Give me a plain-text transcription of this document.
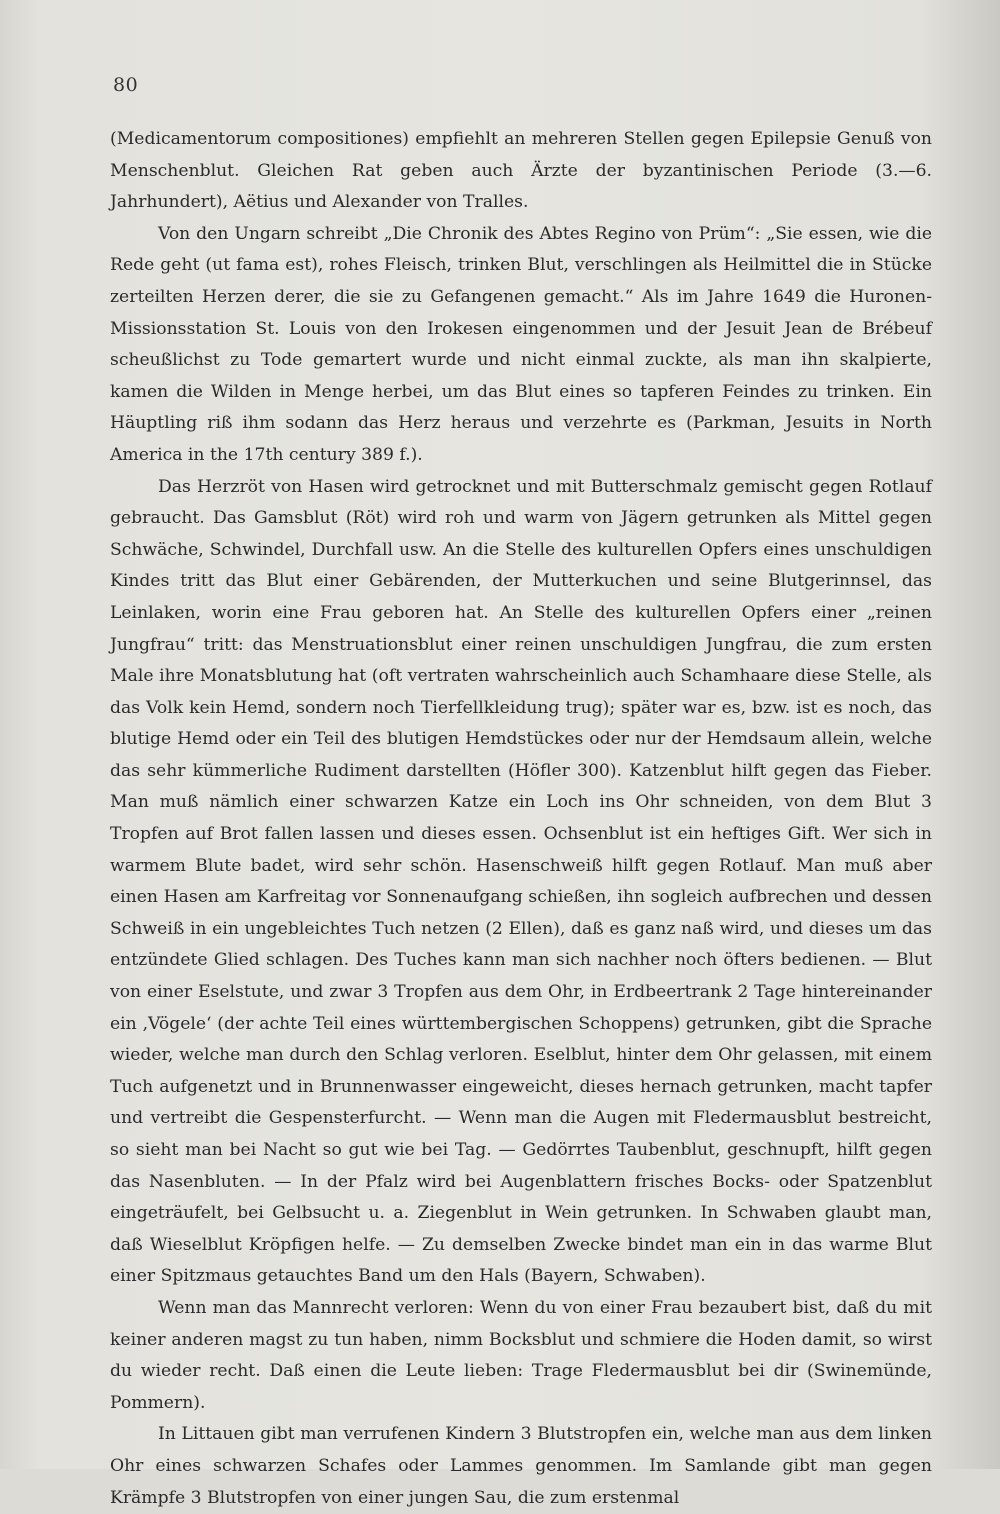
80

(Medicamentorum compositiones) empfiehlt an mehreren Stellen gegen Epilepsie Genuß von Menschenblut. Gleichen Rat geben auch Ärzte der byzantinischen Periode (3.—6. Jahrhundert), Aëtius und Alexander von Tralles.

Von den Ungarn schreibt „Die Chronik des Abtes Regino von Prüm“: „Sie essen, wie die Rede geht (ut fama est), rohes Fleisch, trinken Blut, verschlingen als Heilmittel die in Stücke zerteilten Herzen derer, die sie zu Gefangenen gemacht.“ Als im Jahre 1649 die Huronen-Missionsstation St. Louis von den Irokesen eingenommen und der Jesuit Jean de Brébeuf scheußlichst zu Tode gemartert wurde und nicht einmal zuckte, als man ihn skalpierte, kamen die Wilden in Menge herbei, um das Blut eines so tapferen Feindes zu trinken. Ein Häuptling riß ihm sodann das Herz heraus und verzehrte es (Parkman, Jesuits in North America in the 17th century 389 f.).

Das Herzröt von Hasen wird getrocknet und mit Butterschmalz gemischt gegen Rotlauf gebraucht. Das Gamsblut (Röt) wird roh und warm von Jägern getrunken als Mittel gegen Schwäche, Schwindel, Durchfall usw. An die Stelle des kulturellen Opfers eines unschuldigen Kindes tritt das Blut einer Gebärenden, der Mutterkuchen und seine Blutgerinnsel, das Leinlaken, worin eine Frau geboren hat. An Stelle des kulturellen Opfers einer „reinen Jungfrau“ tritt: das Menstruationsblut einer reinen unschuldigen Jungfrau, die zum ersten Male ihre Monatsblutung hat (oft vertraten wahrscheinlich auch Schamhaare diese Stelle, als das Volk kein Hemd, sondern noch Tierfellkleidung trug); später war es, bzw. ist es noch, das blutige Hemd oder ein Teil des blutigen Hemdstückes oder nur der Hemdsaum allein, welche das sehr kümmerliche Rudiment darstellten (Höfler 300). Katzenblut hilft gegen das Fieber. Man muß nämlich einer schwarzen Katze ein Loch ins Ohr schneiden, von dem Blut 3 Tropfen auf Brot fallen lassen und dieses essen. Ochsenblut ist ein heftiges Gift. Wer sich in warmem Blute badet, wird sehr schön. Hasenschweiß hilft gegen Rotlauf. Man muß aber einen Hasen am Karfreitag vor Sonnenaufgang schießen, ihn sogleich aufbrechen und dessen Schweiß in ein ungebleichtes Tuch netzen (2 Ellen), daß es ganz naß wird, und dieses um das entzündete Glied schlagen. Des Tuches kann man sich nachher noch öfters bedienen. — Blut von einer Eselstute, und zwar 3 Tropfen aus dem Ohr, in Erdbeertrank 2 Tage hintereinander ein ‚Vögele‘ (der achte Teil eines württembergischen Schoppens) getrunken, gibt die Sprache wieder, welche man durch den Schlag verloren. Eselblut, hinter dem Ohr gelassen, mit einem Tuch aufgenetzt und in Brunnenwasser eingeweicht, dieses hernach getrunken, macht tapfer und vertreibt die Gespensterfurcht. — Wenn man die Augen mit Fledermausblut bestreicht, so sieht man bei Nacht so gut wie bei Tag. — Gedörrtes Taubenblut, geschnupft, hilft gegen das Nasenbluten. — In der Pfalz wird bei Augenblattern frisches Bocks- oder Spatzenblut eingeträufelt, bei Gelbsucht u. a. Ziegenblut in Wein getrunken. In Schwaben glaubt man, daß Wieselblut Kröpfigen helfe. — Zu demselben Zwecke bindet man ein in das warme Blut einer Spitzmaus getauchtes Band um den Hals (Bayern, Schwaben).

Wenn man das Mannrecht verloren: Wenn du von einer Frau bezaubert bist, daß du mit keiner anderen magst zu tun haben, nimm Bocksblut und schmiere die Hoden damit, so wirst du wieder recht. Daß einen die Leute lieben: Trage Fledermausblut bei dir (Swinemünde, Pommern).

In Littauen gibt man verrufenen Kindern 3 Blutstropfen ein, welche man aus dem linken Ohr eines schwarzen Schafes oder Lammes genommen. Im Samlande gibt man gegen Krämpfe 3 Blutstropfen von einer jungen Sau, die zum erstenmal
